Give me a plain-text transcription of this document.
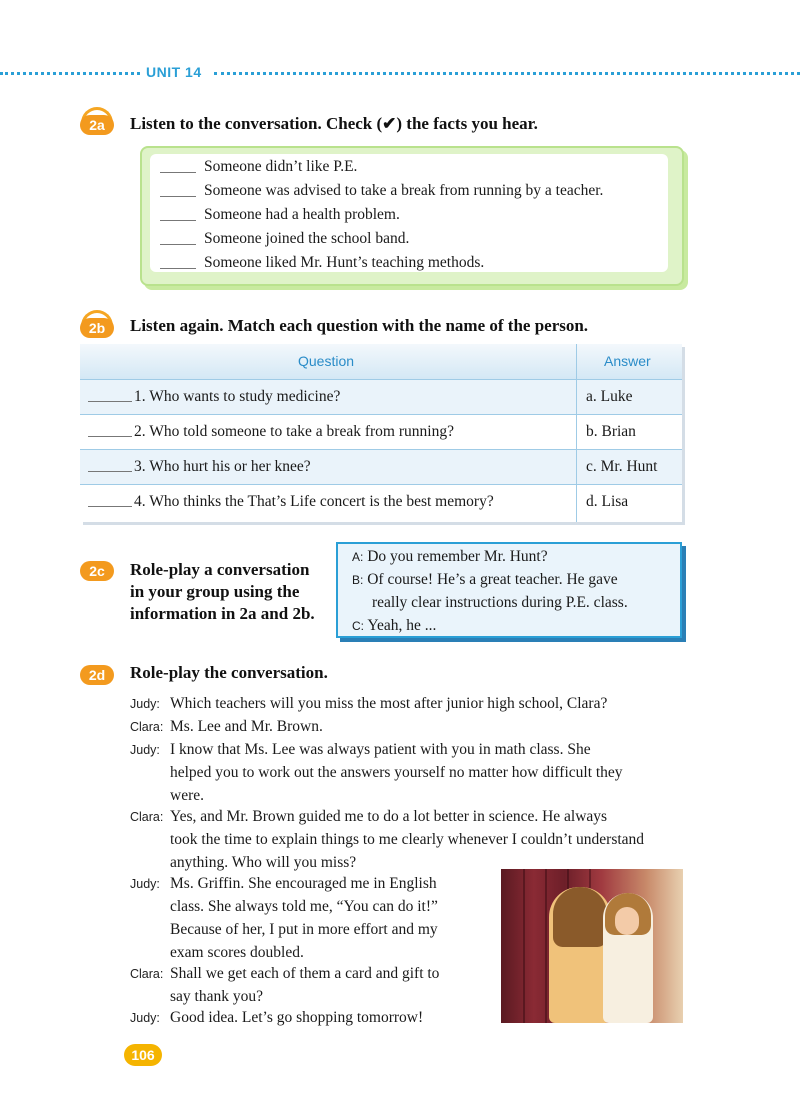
UNIT 14
2a	Listen to the conversation. Check (✔) the facts you hear.
Someone didn’t like P.E.
Someone was advised to take a break from running by a teacher.
Someone had a health problem.
Someone joined the school band.
Someone liked Mr. Hunt’s teaching methods.
2b	Listen again. Match each question with the name of the person.
Question	Answer
1. Who wants to study medicine?	a. Luke
2. Who told someone to take a break from running?	b. Brian
3. Who hurt his or her knee?	c. Mr. Hunt
4. Who thinks the That’s Life concert is the best memory?	d. Lisa
2c	Role-play a conversation
in your group using the
information in 2a and 2b.
A: Do you remember Mr. Hunt?
B: Of course! He’s a great teacher. He gave
really clear instructions during P.E. class.
C: Yeah, he ...
2d	Role-play the conversation.
Judy: Which teachers will you miss the most after junior high school, Clara?
Clara: Ms. Lee and Mr. Brown.
Judy: I know that Ms. Lee was always patient with you in math class. She
helped you to work out the answers yourself no matter how difficult they
were.
Clara: Yes, and Mr. Brown guided me to do a lot better in science. He always
took the time to explain things to me clearly whenever I couldn’t understand
anything. Who will you miss?
Judy: Ms. Griffin. She encouraged me in English
class. She always told me, “You can do it!”
Because of her, I put in more effort and my
exam scores doubled.
Clara: Shall we get each of them a card and gift to
say thank you?
Judy: Good idea. Let’s go shopping tomorrow!
106
